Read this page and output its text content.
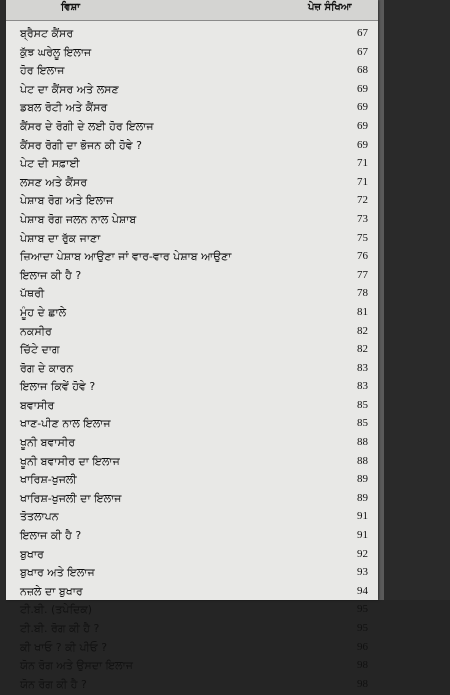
ਵਿਸ਼ਾ	ਪੇਜ਼ ਸੰਖਿਆ
ਬ੍ਰੈਸਟ ਕੈਂਸਰ	67
ਕੁੱਝ ਘਰੇਲੂ ਇਲਾਜ	67
ਹੋਰ ਇਲਾਜ	68
ਪੇਟ ਦਾ ਕੈਂਸਰ ਅਤੇ ਲਸਣ	69
ਡਬਲ ਰੋਟੀ ਅਤੇ ਕੈਂਸਰ	69
ਕੈਂਸਰ ਦੇ ਰੋਗੀ ਦੇ ਲਈ ਹੋਰ ਇਲਾਜ	69
ਕੈਂਸਰ ਰੋਗੀ ਦਾ ਭੋਜਨ ਕੀ ਹੋਵੇ ?	69
ਪੇਟ ਦੀ ਸਫ਼ਾਈ	71
ਲਸਣ ਅਤੇ ਕੈਂਸਰ	71
ਪੇਸ਼ਾਬ ਰੋਗ ਅਤੇ ਇਲਾਜ	72
ਪੇਸ਼ਾਬ ਰੋਗ ਜਲਨ ਨਾਲ ਪੇਸ਼ਾਬ	73
ਪੇਸ਼ਾਬ ਦਾ ਰੁੱਕ ਜਾਣਾ	75
ਜ਼ਿਆਦਾ ਪੇਸ਼ਾਬ ਆਉਣਾ ਜਾਂ ਵਾਰ-ਵਾਰ ਪੇਸ਼ਾਬ ਆਉਣਾ	76
ਇਲਾਜ ਕੀ ਹੈ ?	77
ਪੱਥਰੀ	78
ਮੂੰਹ ਦੇ ਛਾਲੇ	81
ਨਕਸੀਰ	82
ਚਿੱਟੇ ਦਾਗ	82
ਰੋਗ ਦੇ ਕਾਰਨ	83
ਇਲਾਜ ਕਿਵੇਂ ਹੋਵੇ ?	83
ਬਵਾਸੀਰ	85
ਖਾਣ-ਪੀਣ ਨਾਲ ਇਲਾਜ	85
ਖੂਨੀ ਬਵਾਸੀਰ	88
ਖੂਨੀ ਬਵਾਸੀਰ ਦਾ ਇਲਾਜ	88
ਖਾਰਿਸ਼-ਖੁਜਲੀ	89
ਖਾਰਿਸ਼-ਖੁਜਲੀ ਦਾ ਇਲਾਜ	89
ਤੋਤਲਾਪਨ	91
ਇਲਾਜ ਕੀ ਹੈ ?	91
ਬੁਖਾਰ	92
ਬੁਖਾਰ ਅਤੇ ਇਲਾਜ	93
ਨਜ਼ਲੇ ਦਾ ਬੁਖਾਰ	94
ਟੀ.ਬੀ. (ਤਪੇਦਿਕ)	95
ਟੀ.ਬੀ. ਰੋਗ ਕੀ ਹੈ ?	95
ਕੀ ਖਾਓ ? ਕੀ ਪੀਓ ?	96
ਯੋਨ ਰੋਗ ਅਤੇ ਉਸਦਾ ਇਲਾਜ	98
ਯੋਨ ਰੋਗ ਕੀ ਹੈ ?	98
